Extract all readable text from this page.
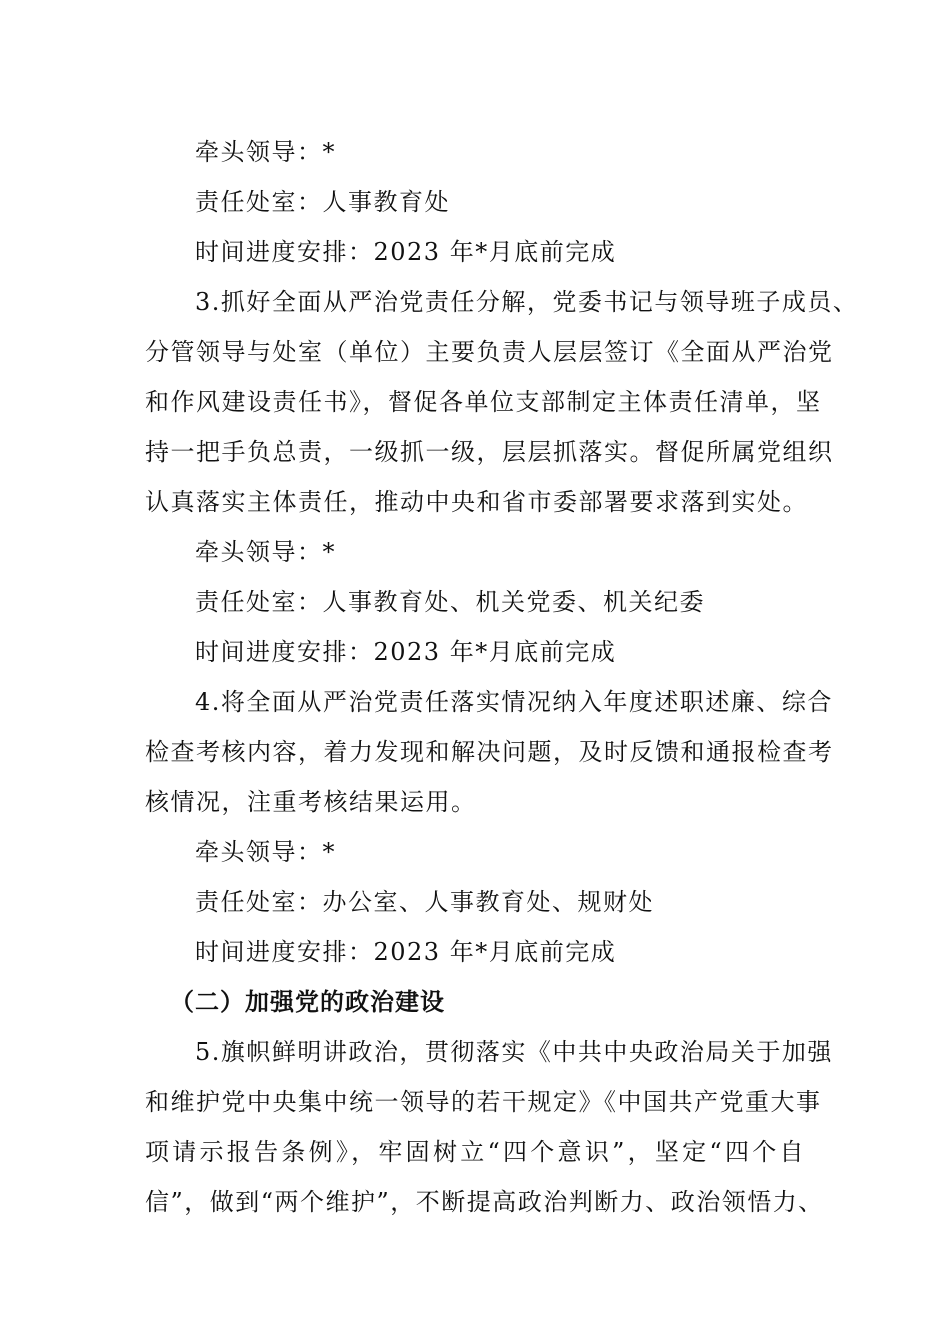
牵头领导：*
责任处室：人事教育处
时间进度安排：2023 年*月底前完成
3.抓好全面从严治党责任分解，党委书记与领导班子成员、
分管领导与处室（单位）主要负责人层层签订《全面从严治党
和作风建设责任书》，督促各单位支部制定主体责任清单，坚
持一把手负总责，一级抓一级，层层抓落实。督促所属党组织
认真落实主体责任，推动中央和省市委部署要求落到实处。
牵头领导：*
责任处室：人事教育处、机关党委、机关纪委
时间进度安排：2023 年*月底前完成
4.将全面从严治党责任落实情况纳入年度述职述廉、综合
检查考核内容，着力发现和解决问题，及时反馈和通报检查考
核情况，注重考核结果运用。
牵头领导：*
责任处室：办公室、人事教育处、规财处
时间进度安排：2023 年*月底前完成
（二）加强党的政治建设
5.旗帜鲜明讲政治，贯彻落实《中共中央政治局关于加强
和维护党中央集中统一领导的若干规定》《中国共产党重大事
项请示报告条例》，牢固树立“四个意识”，坚定“四个自
信”，做到“两个维护”，不断提高政治判断力、政治领悟力、
